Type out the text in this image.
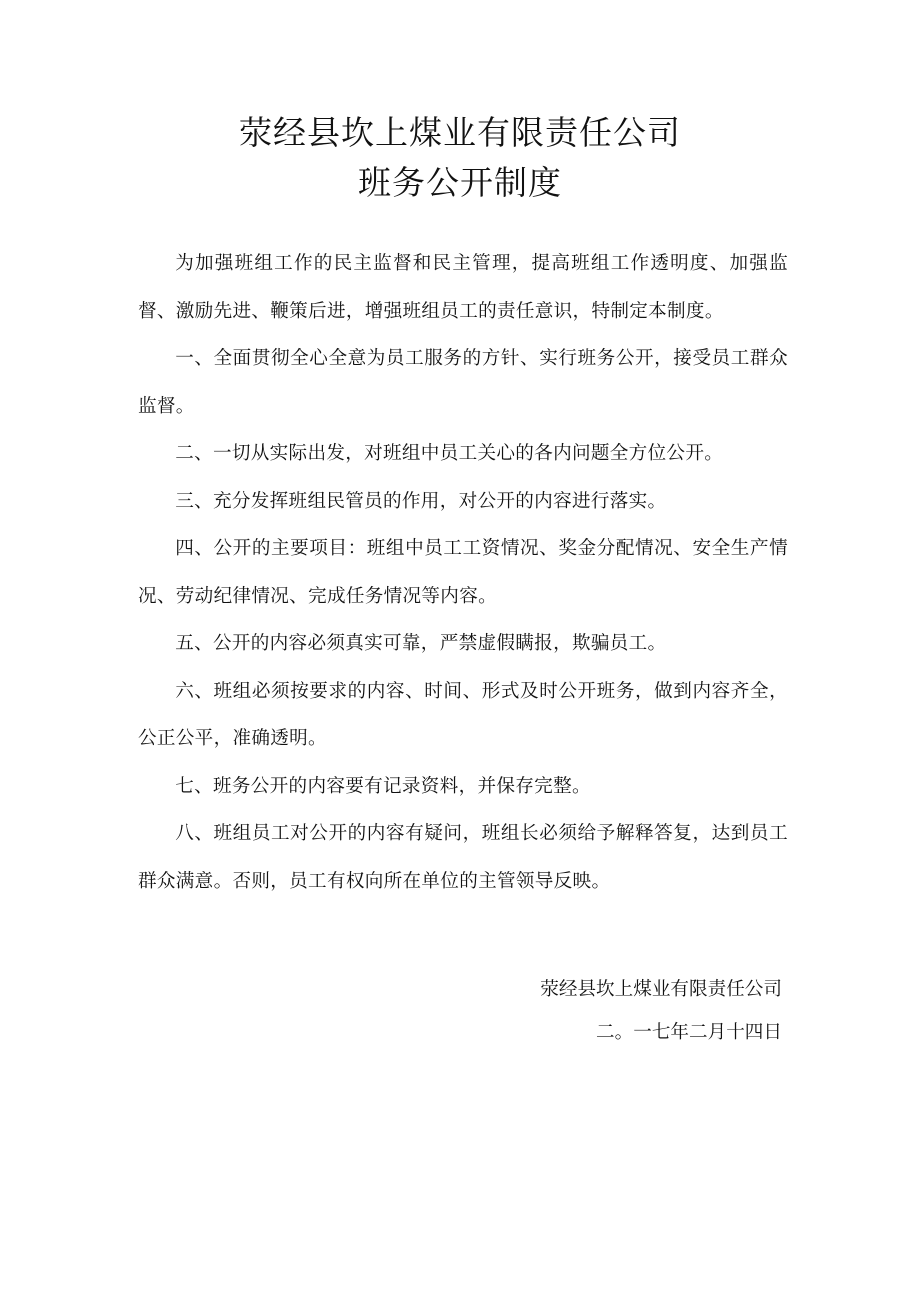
荥经县坎上煤业有限责任公司
班务公开制度

为加强班组工作的民主监督和民主管理，提高班组工作透明度、加强监督、激励先进、鞭策后进，增强班组员工的责任意识，特制定本制度。

一、全面贯彻全心全意为员工服务的方针、实行班务公开，接受员工群众监督。

二、一切从实际出发，对班组中员工关心的各内问题全方位公开。

三、充分发挥班组民管员的作用，对公开的内容进行落实。

四、公开的主要项目：班组中员工工资情况、奖金分配情况、安全生产情况、劳动纪律情况、完成任务情况等内容。

五、公开的内容必须真实可靠，严禁虚假瞒报，欺骗员工。

六、班组必须按要求的内容、时间、形式及时公开班务，做到内容齐全，公正公平，准确透明。

七、班务公开的内容要有记录资料，并保存完整。

八、班组员工对公开的内容有疑问，班组长必须给予解释答复，达到员工群众满意。否则，员工有权向所在单位的主管领导反映。

荥经县坎上煤业有限责任公司
二。一七年二月十四日
